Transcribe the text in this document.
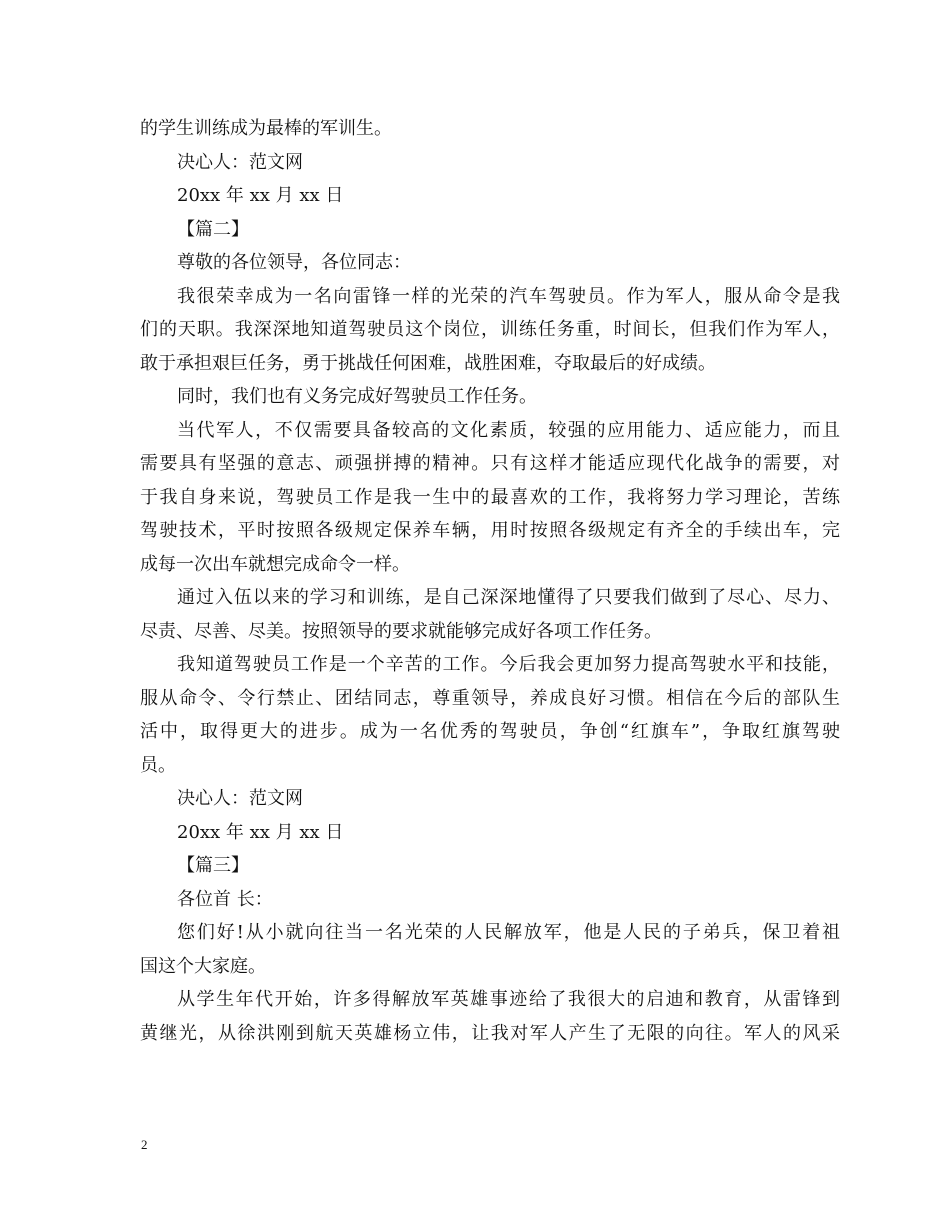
的学生训练成为最棒的军训生。
决心人：范文网
20xx 年 xx 月 xx 日
【篇二】
尊敬的各位领导，各位同志：
我很荣幸成为一名向雷锋一样的光荣的汽车驾驶员。作为军人，服从命令是我
们的天职。我深深地知道驾驶员这个岗位，训练任务重，时间长，但我们作为军人，
敢于承担艰巨任务，勇于挑战任何困难，战胜困难，夺取最后的好成绩。
同时，我们也有义务完成好驾驶员工作任务。
当代军人，不仅需要具备较高的文化素质，较强的应用能力、适应能力，而且
需要具有坚强的意志、顽强拼搏的精神。只有这样才能适应现代化战争的需要，对
于我自身来说，驾驶员工作是我一生中的最喜欢的工作，我将努力学习理论，苦练
驾驶技术，平时按照各级规定保养车辆，用时按照各级规定有齐全的手续出车，完
成每一次出车就想完成命令一样。
通过入伍以来的学习和训练，是自己深深地懂得了只要我们做到了尽心、尽力、
尽责、尽善、尽美。按照领导的要求就能够完成好各项工作任务。
我知道驾驶员工作是一个辛苦的工作。今后我会更加努力提高驾驶水平和技能，
服从命令、令行禁止、团结同志，尊重领导，养成良好习惯。相信在今后的部队生
活中，取得更大的进步。成为一名优秀的驾驶员，争创“红旗车”，争取红旗驾驶
员。
决心人：范文网
20xx 年 xx 月 xx 日
【篇三】
各位首 长：
您们好!从小就向往当一名光荣的人民解放军，他是人民的子弟兵，保卫着祖
国这个大家庭。
从学生年代开始，许多得解放军英雄事迹给了我很大的启迪和教育，从雷锋到
黄继光，从徐洪刚到航天英雄杨立伟，让我对军人产生了无限的向往。军人的风采
2
